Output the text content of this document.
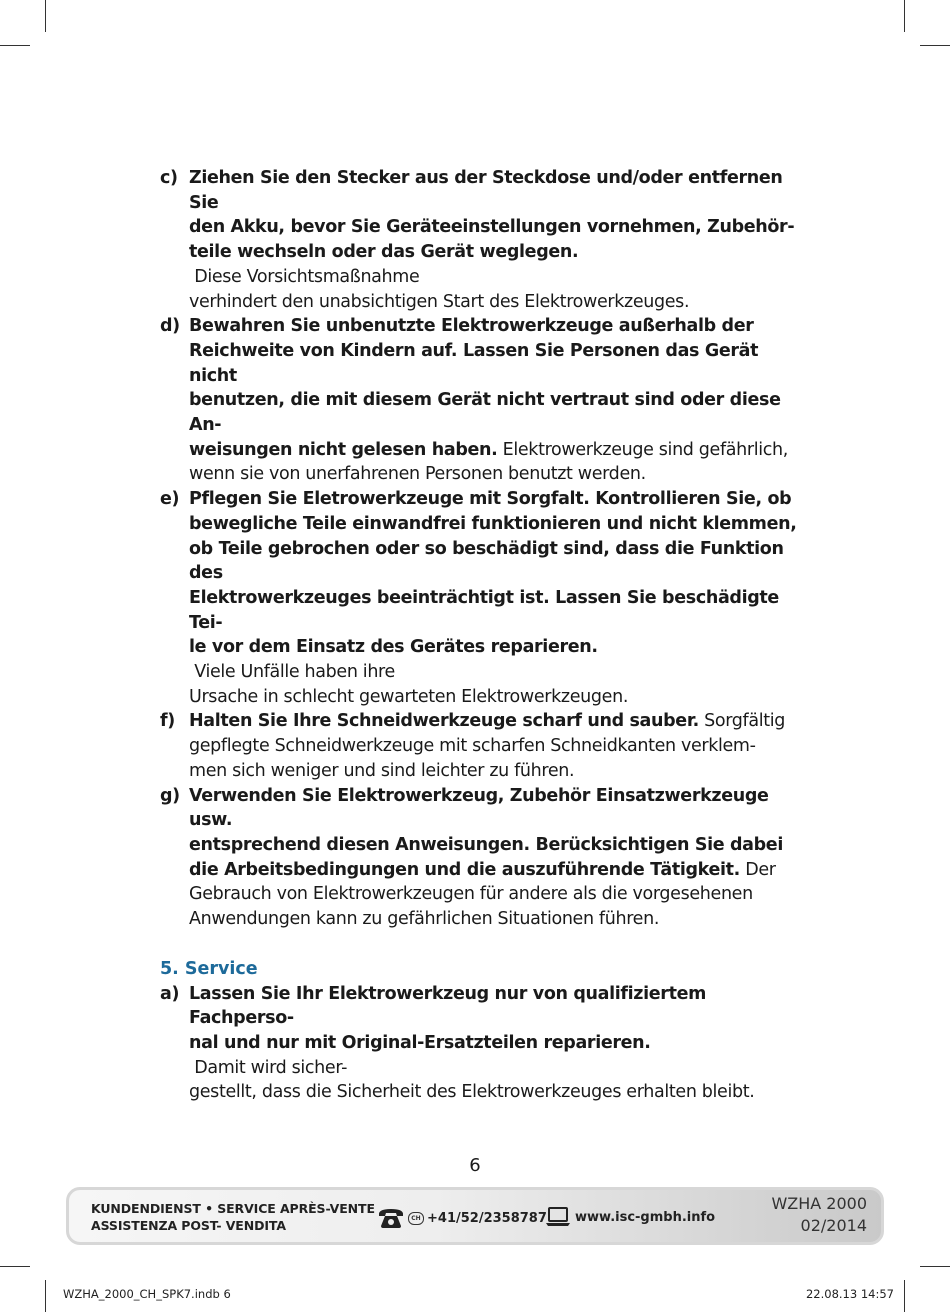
c) Ziehen Sie den Stecker aus der Steckdose und/oder entfernen Sie
den Akku, bevor Sie Geräteeinstellungen vornehmen, Zubehör-
teile wechseln oder das Gerät weglegen. Diese Vorsichtsmaßnahme
verhindert den unabsichtigen Start des Elektrowerkzeuges.
d) Bewahren Sie unbenutzte Elektrowerkzeuge außerhalb der
Reichweite von Kindern auf. Lassen Sie Personen das Gerät nicht
benutzen, die mit diesem Gerät nicht vertraut sind oder diese An-
weisungen nicht gelesen haben. Elektrowerkzeuge sind gefährlich,
wenn sie von unerfahrenen Personen benutzt werden.
e) Pflegen Sie Eletrowerkzeuge mit Sorgfalt. Kontrollieren Sie, ob
bewegliche Teile einwandfrei funktionieren und nicht klemmen,
ob Teile gebrochen oder so beschädigt sind, dass die Funktion des
Elektrowerkzeuges beeinträchtigt ist. Lassen Sie beschädigte Tei-
le vor dem Einsatz des Gerätes reparieren. Viele Unfälle haben ihre
Ursache in schlecht gewarteten Elektrowerkzeugen.
f) Halten Sie Ihre Schneidwerkzeuge scharf und sauber. Sorgfältig
gepflegte Schneidwerkzeuge mit scharfen Schneidkanten verklem-
men sich weniger und sind leichter zu führen.
g) Verwenden Sie Elektrowerkzeug, Zubehör Einsatzwerkzeuge usw.
entsprechend diesen Anweisungen. Berücksichtigen Sie dabei
die Arbeitsbedingungen und die auszuführende Tätigkeit. Der
Gebrauch von Elektrowerkzeugen für andere als die vorgesehenen
Anwendungen kann zu gefährlichen Situationen führen.
5. Service
a) Lassen Sie Ihr Elektrowerkzeug nur von qualifiziertem Fachperso-
nal und nur mit Original-Ersatzteilen reparieren. Damit wird sicher-
gestellt, dass die Sicherheit des Elektrowerkzeuges erhalten bleibt.
6
KUNDENDIENST • SERVICE APRÈS-VENTE
ASSISTENZA POST- VENDITA	CH +41/52/2358787 www.isc-gmbh.info
WZHA 2000
02/2014
WZHA_2000_CH_SPK7.indb 6	22.08.13 14:57
